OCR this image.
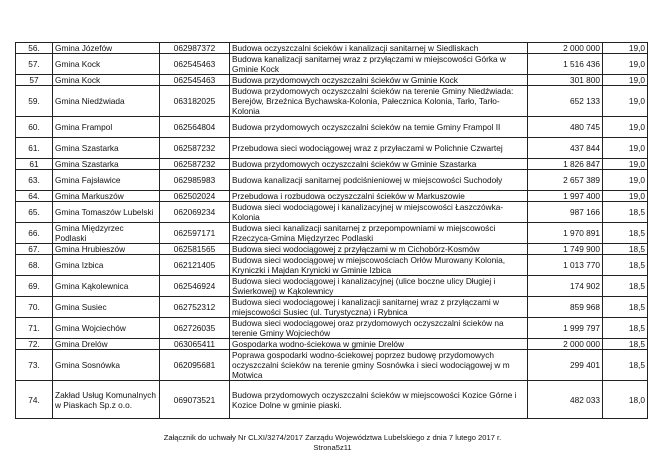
56.	Gmina Józefów	062987372	Budowa oczyszczalni ścieków i kanalizacji sanitarnej w Siedliskach	2 000 000	19,0
57.	Gmina Kock	062545463	Budowa kanalizacji sanitarnej wraz z przyłączami w miejscowości Górka w Gminie Kock	1 516 436	19,0
57	Gmina Kock	062545463	Budowa przydomowych oczyszczalni ścieków w Gminie Kock	301 800	19,0
59.	Gmina Niedźwiada	063182025	Budowa przydomowych oczyszczalni ścieków na terenie Gminy Niedźwiada: Berejów, Brzeźnica Bychawska-Kolonia, Pałecznica Kolonia, Tarło, Tarło-Kolonia	652 133	19,0
60.	Gmina Frampol	062564804	Budowa przydomowych oczyszczalni ścieków na temie Gminy Frampol II	480 745	19,0
61.	Gmina Szastarka	062587232	Przebudowa sieci wodociągowej wraz z przyłaczami w Polichnie Czwartej	437 844	19,0
61	Gmina Szastarka	062587232	Budowa przydomowych oczyszczalni ścieków w Gminie Szastarka	1 826 847	19,0
63.	Gmina Fajsławice	062985983	Budowa kanalizacji sanitarnej podciśnieniowej w miejscowości Suchodoły	2 657 389	19,0
64.	Gmina Markuszów	062502024	Przebudowa i rozbudowa oczyszczalni ścieków w Markuszowie	1 997 400	19,0
65.	Gmina Tomaszów Lubelski	062069234	Budowa sieci wodociągowej i kanalizacyjnej w miejscowości Łaszczówka-Kolonia	987 166	18,5
66.	Gmina Międzyrzec Podlaski	062597171	Budowa sieci kanalizacji sanitarnej z przepompowniami w miejscowości Rzeczyca-Gmina Międzyrzec Podlaski	1 970 891	18,5
67.	Gmina Hrubieszów	062581565	Budowa sieci wodociągowej z przyłączami w m Cichobórz-Kosmów	1 749 900	18,5
68.	Gmina Izbica	062121405	Budowa sieci wodociągowej w miejscowościach Orłów Murowany Kolonia, Kryniczki i Majdan Krynicki w Gminie Izbica	1 013 770	18,5
69.	Gmina Kąkolewnica	062546924	Budowa sieci wodociągowej i kanalizacyjnej (ulice boczne ulicy Długiej i Świerkowej) w Kąkolewnicy	174 902	18,5
70.	Gmina Susiec	062752312	Budowa sieci wodociągowej i kanalizacji sanitarnej wraz z przyłączami w miejscowości Susiec (ul. Turystyczna) i Rybnica	859 968	18,5
71.	Gmina Wojciechów	062726035	Budowa sieci wodociągowej oraz przydomowych oczyszczalni ścieków na terenie Gminy Wojciechów	1 999 797	18,5
72.	Gmina Drelów	063065411	Gospodarka wodno-ściekowa w gminie Drelów	2 000 000	18,5
73.	Gmina Sosnówka	062095681	Poprawa gospodarki wodno-ściekowej poprzez budowę przydomowych oczyszczalni ścieków na terenie gminy Sosnówka i sieci wodociągowej w m Motwica	299 401	18,5
74.	Zakład Usług Komunalnych w Piaskach Sp.z o.o.	069073521	Budowa przydomowych oczyszczalni ścieków w miejscowości Kozice Górne i Kozice Dolne w gminie piaski.	482 033	18,0
Załącznik do uchwały Nr CLXI/3274/2017 Zarządu Województwa Lubelskiego z dnia 7 lutego 2017 r.
Strona5z11
